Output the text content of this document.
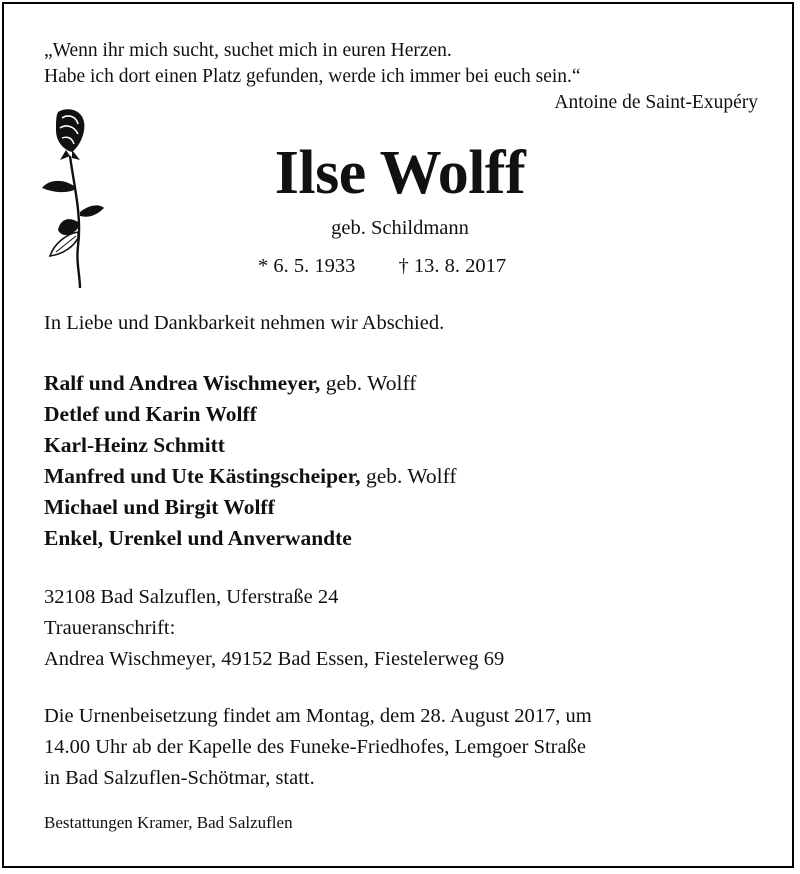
„Wenn ihr mich sucht, suchet mich in euren Herzen.
Habe ich dort einen Platz gefunden, werde ich immer bei euch sein.“
Antoine de Saint-Exupéry
Ilse Wolff
geb. Schildmann
* 6. 5. 1933 † 13. 8. 2017
In Liebe und Dankbarkeit nehmen wir Abschied.
Ralf und Andrea Wischmeyer, geb. Wolff
Detlef und Karin Wolff
Karl-Heinz Schmitt
Manfred und Ute Kästingscheiper, geb. Wolff
Michael und Birgit Wolff
Enkel, Urenkel und Anverwandte
32108 Bad Salzuflen, Uferstraße 24
Traueranschrift:
Andrea Wischmeyer, 49152 Bad Essen, Fiestelerweg 69
Die Urnenbeisetzung findet am Montag, dem 28. August 2017, um
14.00 Uhr ab der Kapelle des Funeke-Friedhofes, Lemgoer Straße
in Bad Salzuflen-Schötmar, statt.
Bestattungen Kramer, Bad Salzuflen
